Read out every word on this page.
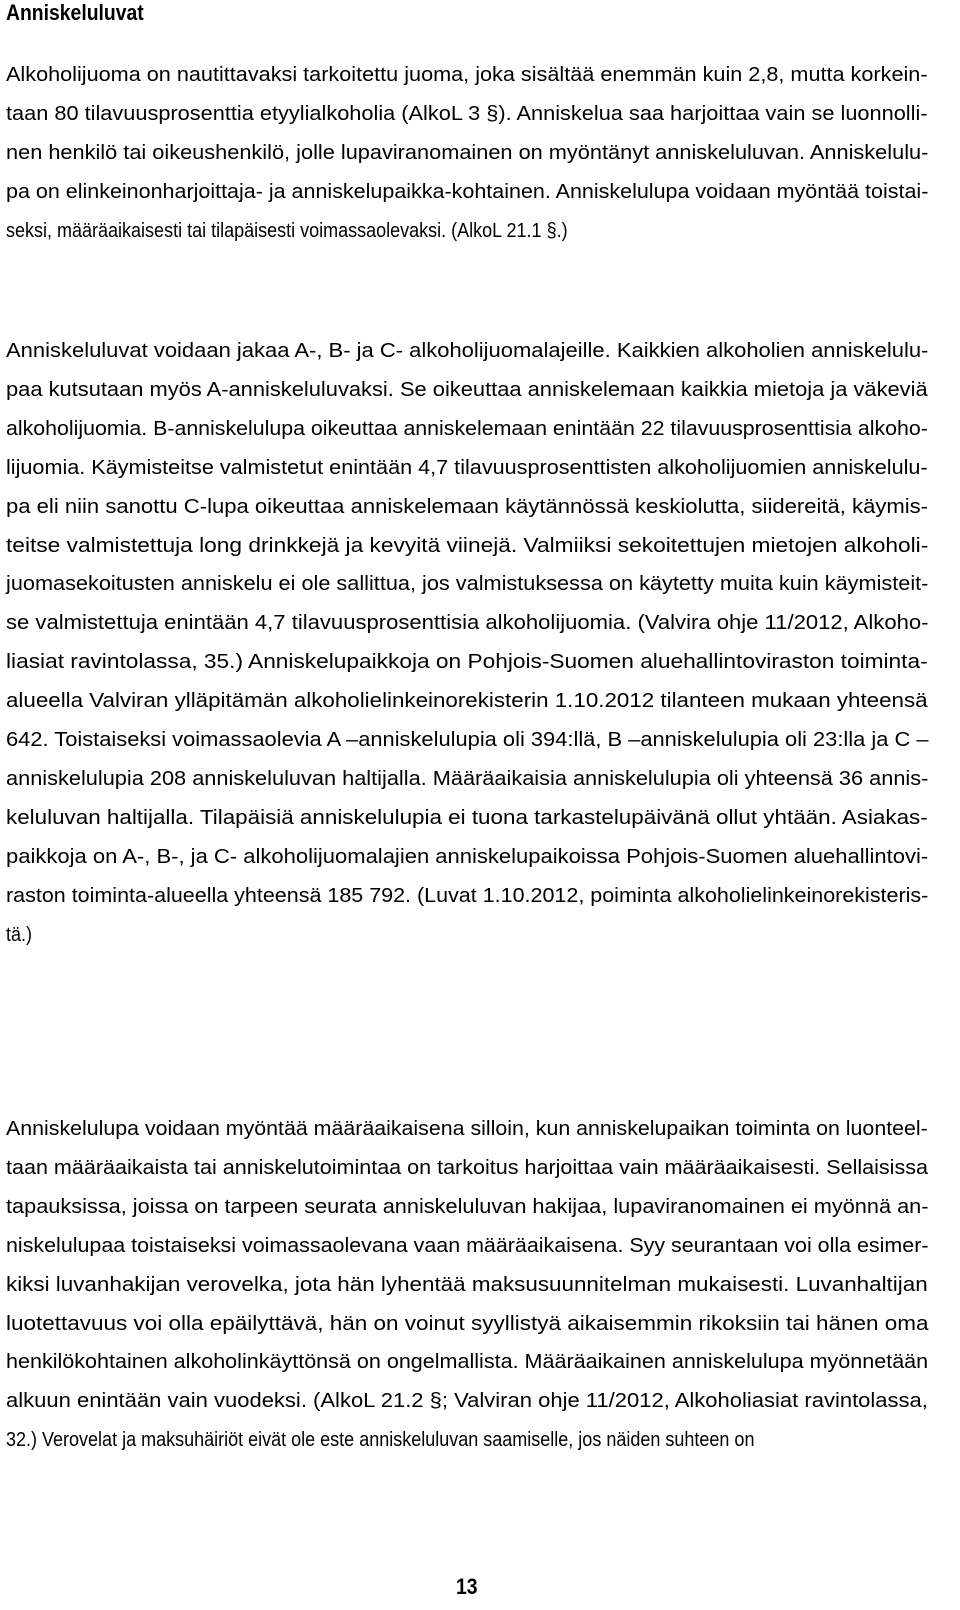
Anniskeluluvat
Alkoholijuoma on nautittavaksi tarkoitettu juoma, joka sisältää enemmän kuin 2,8, mutta korkein-
taan 80 tilavuusprosenttia etyylialkoholia (AlkoL 3 §). Anniskelua saa harjoittaa vain se luonnolli-
nen henkilö tai oikeushenkilö, jolle lupaviranomainen on myöntänyt anniskeluluvan. Anniskelulu-
pa on elinkeinonharjoittaja- ja anniskelupaikka-kohtainen. Anniskelulupa voidaan myöntää toistai-
seksi, määräaikaisesti tai tilapäisesti voimassaolevaksi. (AlkoL 21.1 §.)
Anniskeluluvat voidaan jakaa A-, B- ja C- alkoholijuomalajeille. Kaikkien alkoholien anniskelulu-
paa kutsutaan myös A-anniskeluluvaksi. Se oikeuttaa anniskelemaan kaikkia mietoja ja väkeviä
alkoholijuomia. B-anniskelulupa oikeuttaa anniskelemaan enintään 22 tilavuusprosenttisia alkoho-
lijuomia. Käymisteitse valmistetut enintään 4,7 tilavuusprosenttisten alkoholijuomien anniskelulu-
pa eli niin sanottu C-lupa oikeuttaa anniskelemaan käytännössä keskiolutta, siidereitä, käymis-
teitse valmistettuja long drinkkejä ja kevyitä viinejä. Valmiiksi sekoitettujen mietojen alkoholi-
juomasekoitusten anniskelu ei ole sallittua, jos valmistuksessa on käytetty muita kuin käymisteit-
se valmistettuja enintään 4,7 tilavuusprosenttisia alkoholijuomia. (Valvira ohje 11/2012, Alkoho-
liasiat ravintolassa, 35.) Anniskelupaikkoja on Pohjois-Suomen aluehallintoviraston toiminta-
alueella Valviran ylläpitämän alkoholielinkeinorekisterin 1.10.2012 tilanteen mukaan yhteensä
642. Toistaiseksi voimassaolevia A –anniskelulupia oli 394:llä, B –anniskelulupia oli 23:lla ja C –
anniskelulupia 208 anniskeluluvan haltijalla. Määräaikaisia anniskelulupia oli yhteensä 36 annis-
keluluvan haltijalla. Tilapäisiä anniskelulupia ei tuona tarkastelupäivänä ollut yhtään. Asiakas-
paikkoja on A-, B-, ja C- alkoholijuomalajien anniskelupaikoissa Pohjois-Suomen aluehallintovi-
raston toiminta-alueella yhteensä 185 792. (Luvat 1.10.2012, poiminta alkoholielinkeinorekisteris-
tä.)
Anniskelulupa voidaan myöntää määräaikaisena silloin, kun anniskelupaikan toiminta on luonteel-
taan määräaikaista tai anniskelutoimintaa on tarkoitus harjoittaa vain määräaikaisesti. Sellaisissa
tapauksissa, joissa on tarpeen seurata anniskeluluvan hakijaa, lupaviranomainen ei myönnä an-
niskelulupaa toistaiseksi voimassaolevana vaan määräaikaisena. Syy seurantaan voi olla esimer-
kiksi luvanhakijan verovelka, jota hän lyhentää maksusuunnitelman mukaisesti. Luvanhaltijan
luotettavuus voi olla epäilyttävä, hän on voinut syyllistyä aikaisemmin rikoksiin tai hänen oma
henkilökohtainen alkoholinkäyttönsä on ongelmallista. Määräaikainen anniskelulupa myönnetään
alkuun enintään vain vuodeksi. (AlkoL 21.2 §; Valviran ohje 11/2012, Alkoholiasiat ravintolassa,
32.) Verovelat ja maksuhäiriöt eivät ole este anniskeluluvan saamiselle, jos näiden suhteen on
13
